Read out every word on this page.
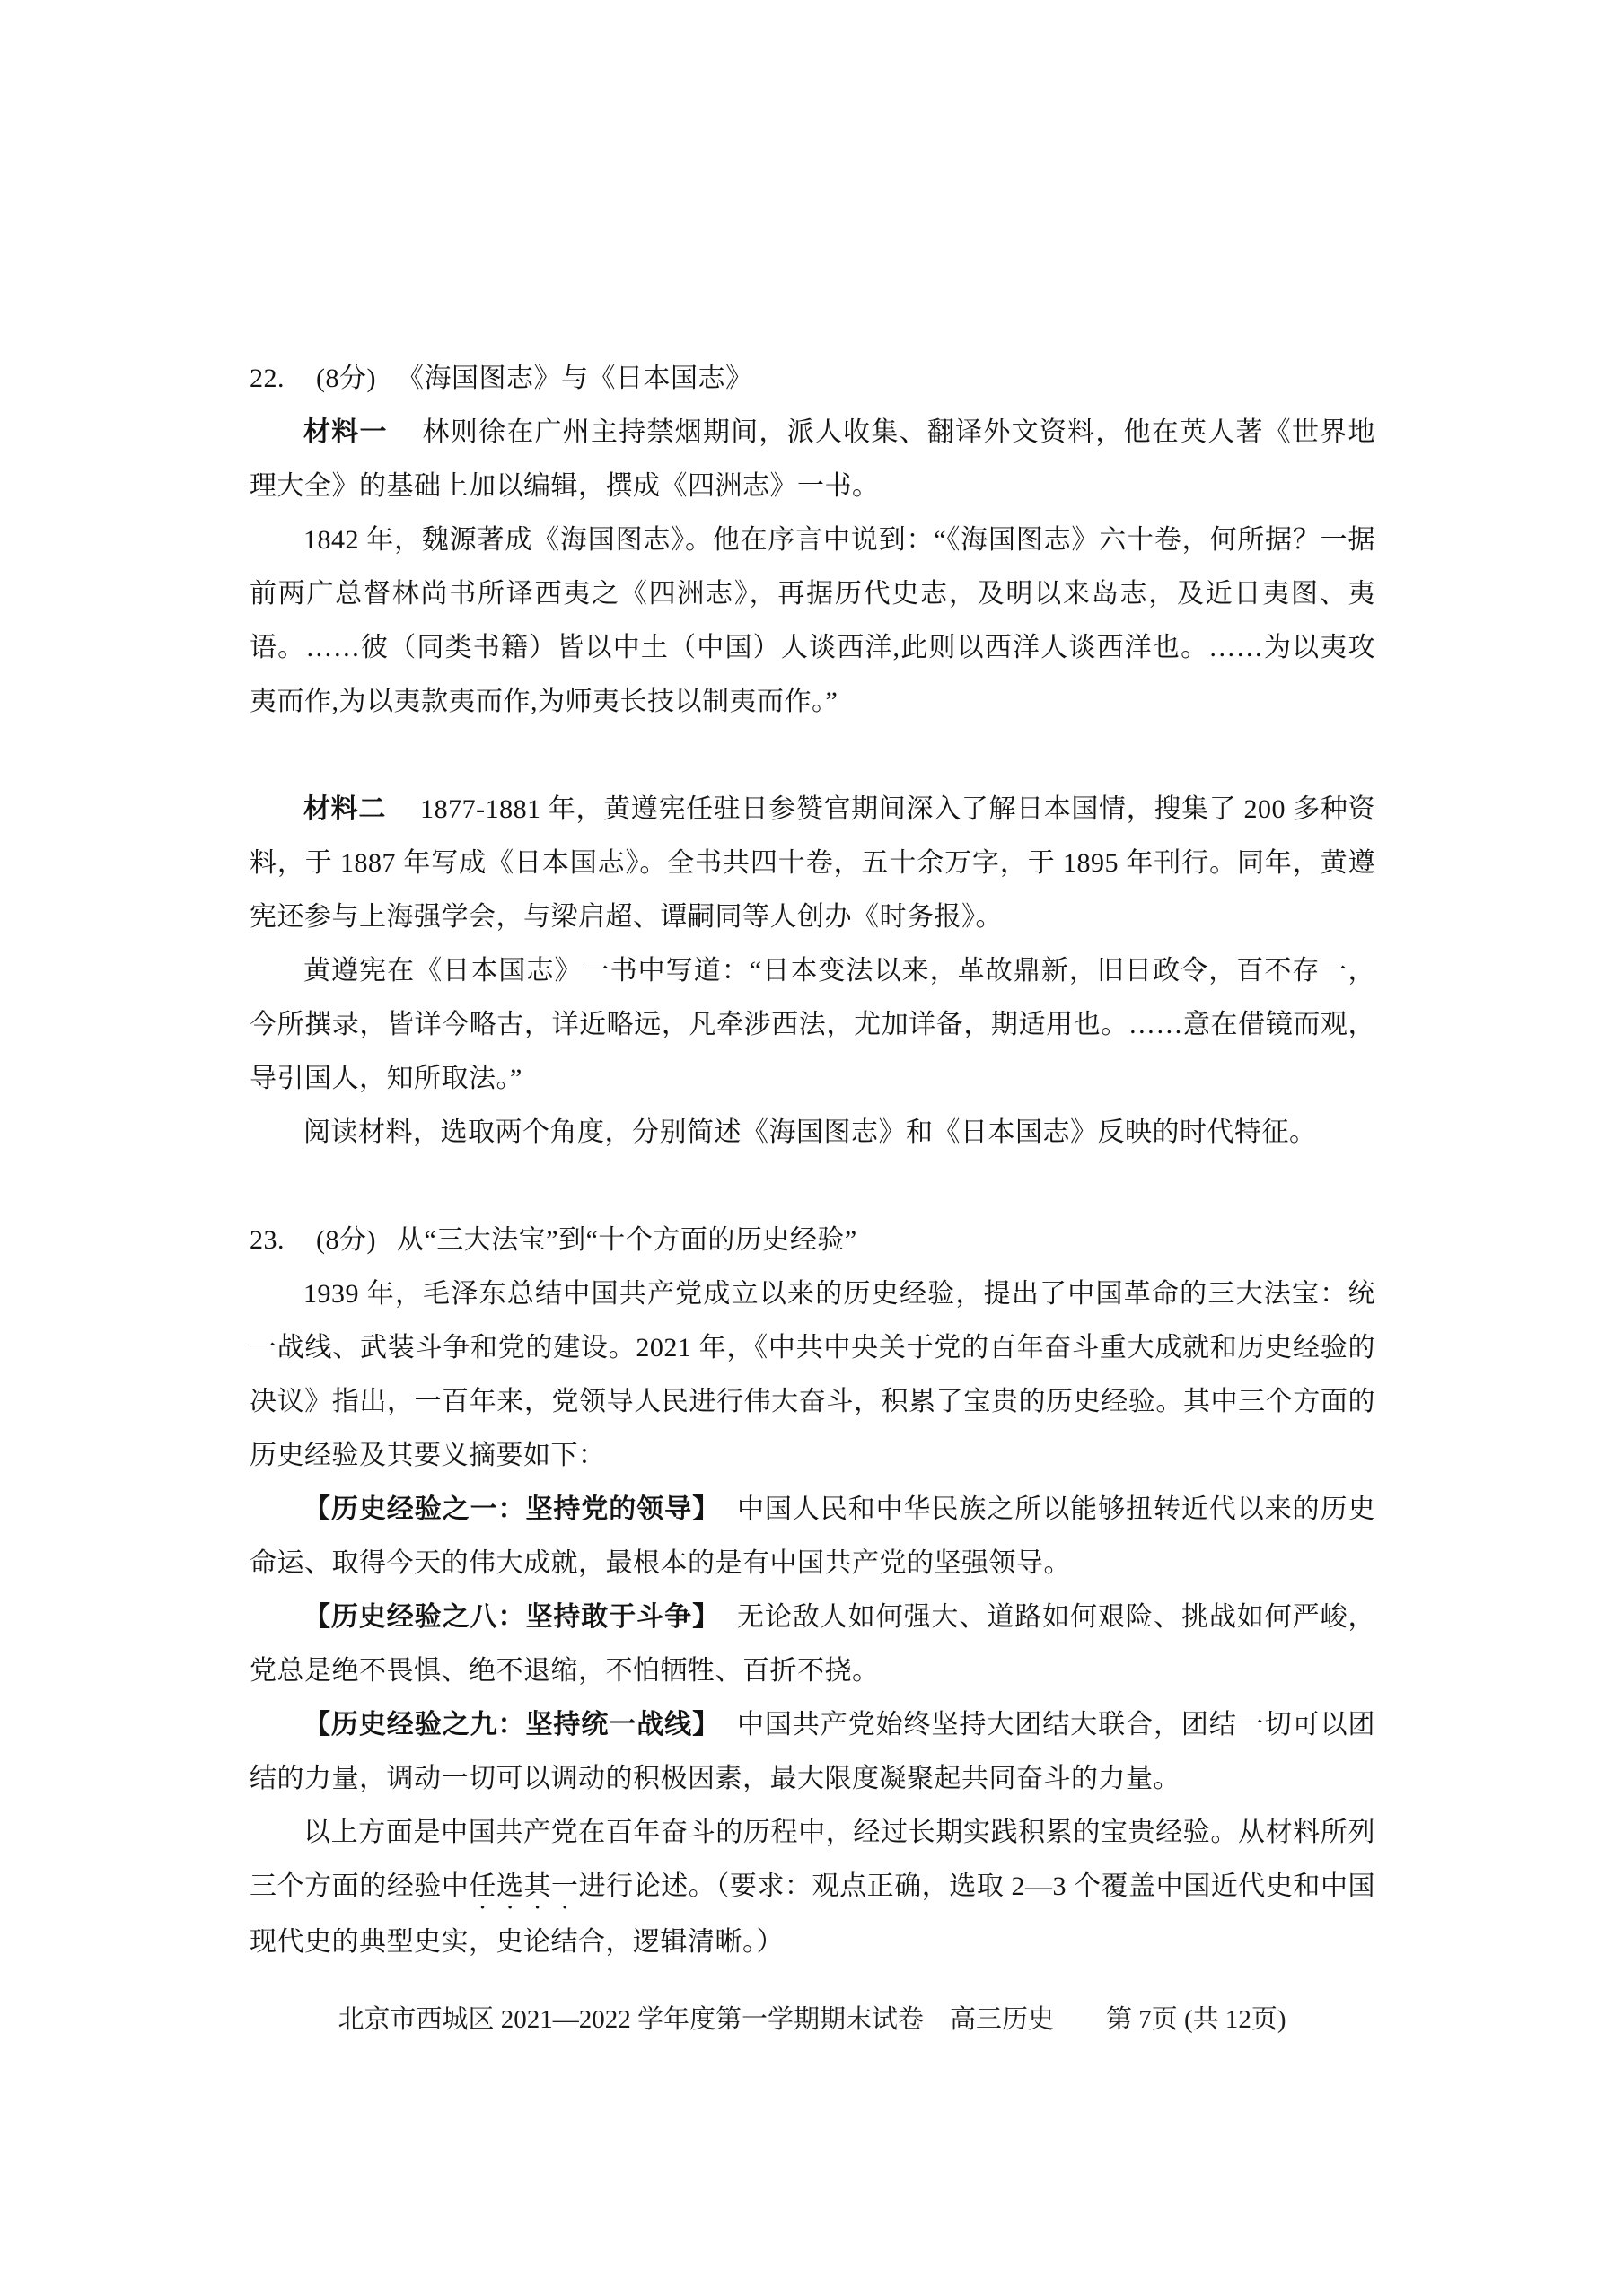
22. (8分) 《海国图志》与《日本国志》

材料一 林则徐在广州主持禁烟期间，派人收集、翻译外文资料，他在英人著《世界地理大全》的基础上加以编辑，撰成《四洲志》一书。

1842 年，魏源著成《海国图志》。他在序言中说到：“《海国图志》六十卷，何所据？一据前两广总督林尚书所译西夷之《四洲志》，再据历代史志，及明以来岛志，及近日夷图、夷语。……彼（同类书籍）皆以中土（中国）人谈西洋,此则以西洋人谈西洋也。……为以夷攻夷而作,为以夷款夷而作,为师夷长技以制夷而作。”

材料二 1877-1881 年，黄遵宪任驻日参赞官期间深入了解日本国情，搜集了 200 多种资料，于 1887 年写成《日本国志》。全书共四十卷，五十余万字，于 1895 年刊行。同年，黄遵宪还参与上海强学会，与梁启超、谭嗣同等人创办《时务报》。

黄遵宪在《日本国志》一书中写道：“日本变法以来，革故鼎新，旧日政令，百不存一，今所撰录，皆详今略古，详近略远，凡牵涉西法，尤加详备，期适用也。……意在借镜而观，导引国人，知所取法。”

阅读材料，选取两个角度，分别简述《海国图志》和《日本国志》反映的时代特征。

23. (8分) 从“三大法宝”到“十个方面的历史经验”

1939 年，毛泽东总结中国共产党成立以来的历史经验，提出了中国革命的三大法宝：统一战线、武装斗争和党的建设。2021 年，《中共中央关于党的百年奋斗重大成就和历史经验的决议》指出，一百年来，党领导人民进行伟大奋斗，积累了宝贵的历史经验。其中三个方面的历史经验及其要义摘要如下：

【历史经验之一：坚持党的领导】 中国人民和中华民族之所以能够扭转近代以来的历史命运、取得今天的伟大成就，最根本的是有中国共产党的坚强领导。

【历史经验之八：坚持敢于斗争】 无论敌人如何强大、道路如何艰险、挑战如何严峻，党总是绝不畏惧、绝不退缩，不怕牺牲、百折不挠。

【历史经验之九：坚持统一战线】 中国共产党始终坚持大团结大联合，团结一切可以团结的力量，调动一切可以调动的积极因素，最大限度凝聚起共同奋斗的力量。

以上方面是中国共产党在百年奋斗的历程中，经过长期实践积累的宝贵经验。从材料所列三个方面的经验中任选其一进行论述。（要求：观点正确，选取 2—3 个覆盖中国近代史和中国现代史的典型史实，史论结合，逻辑清晰。）

北京市西城区 2021—2022 学年度第一学期期末试卷　高三历史　　第 7页 (共 12页)
